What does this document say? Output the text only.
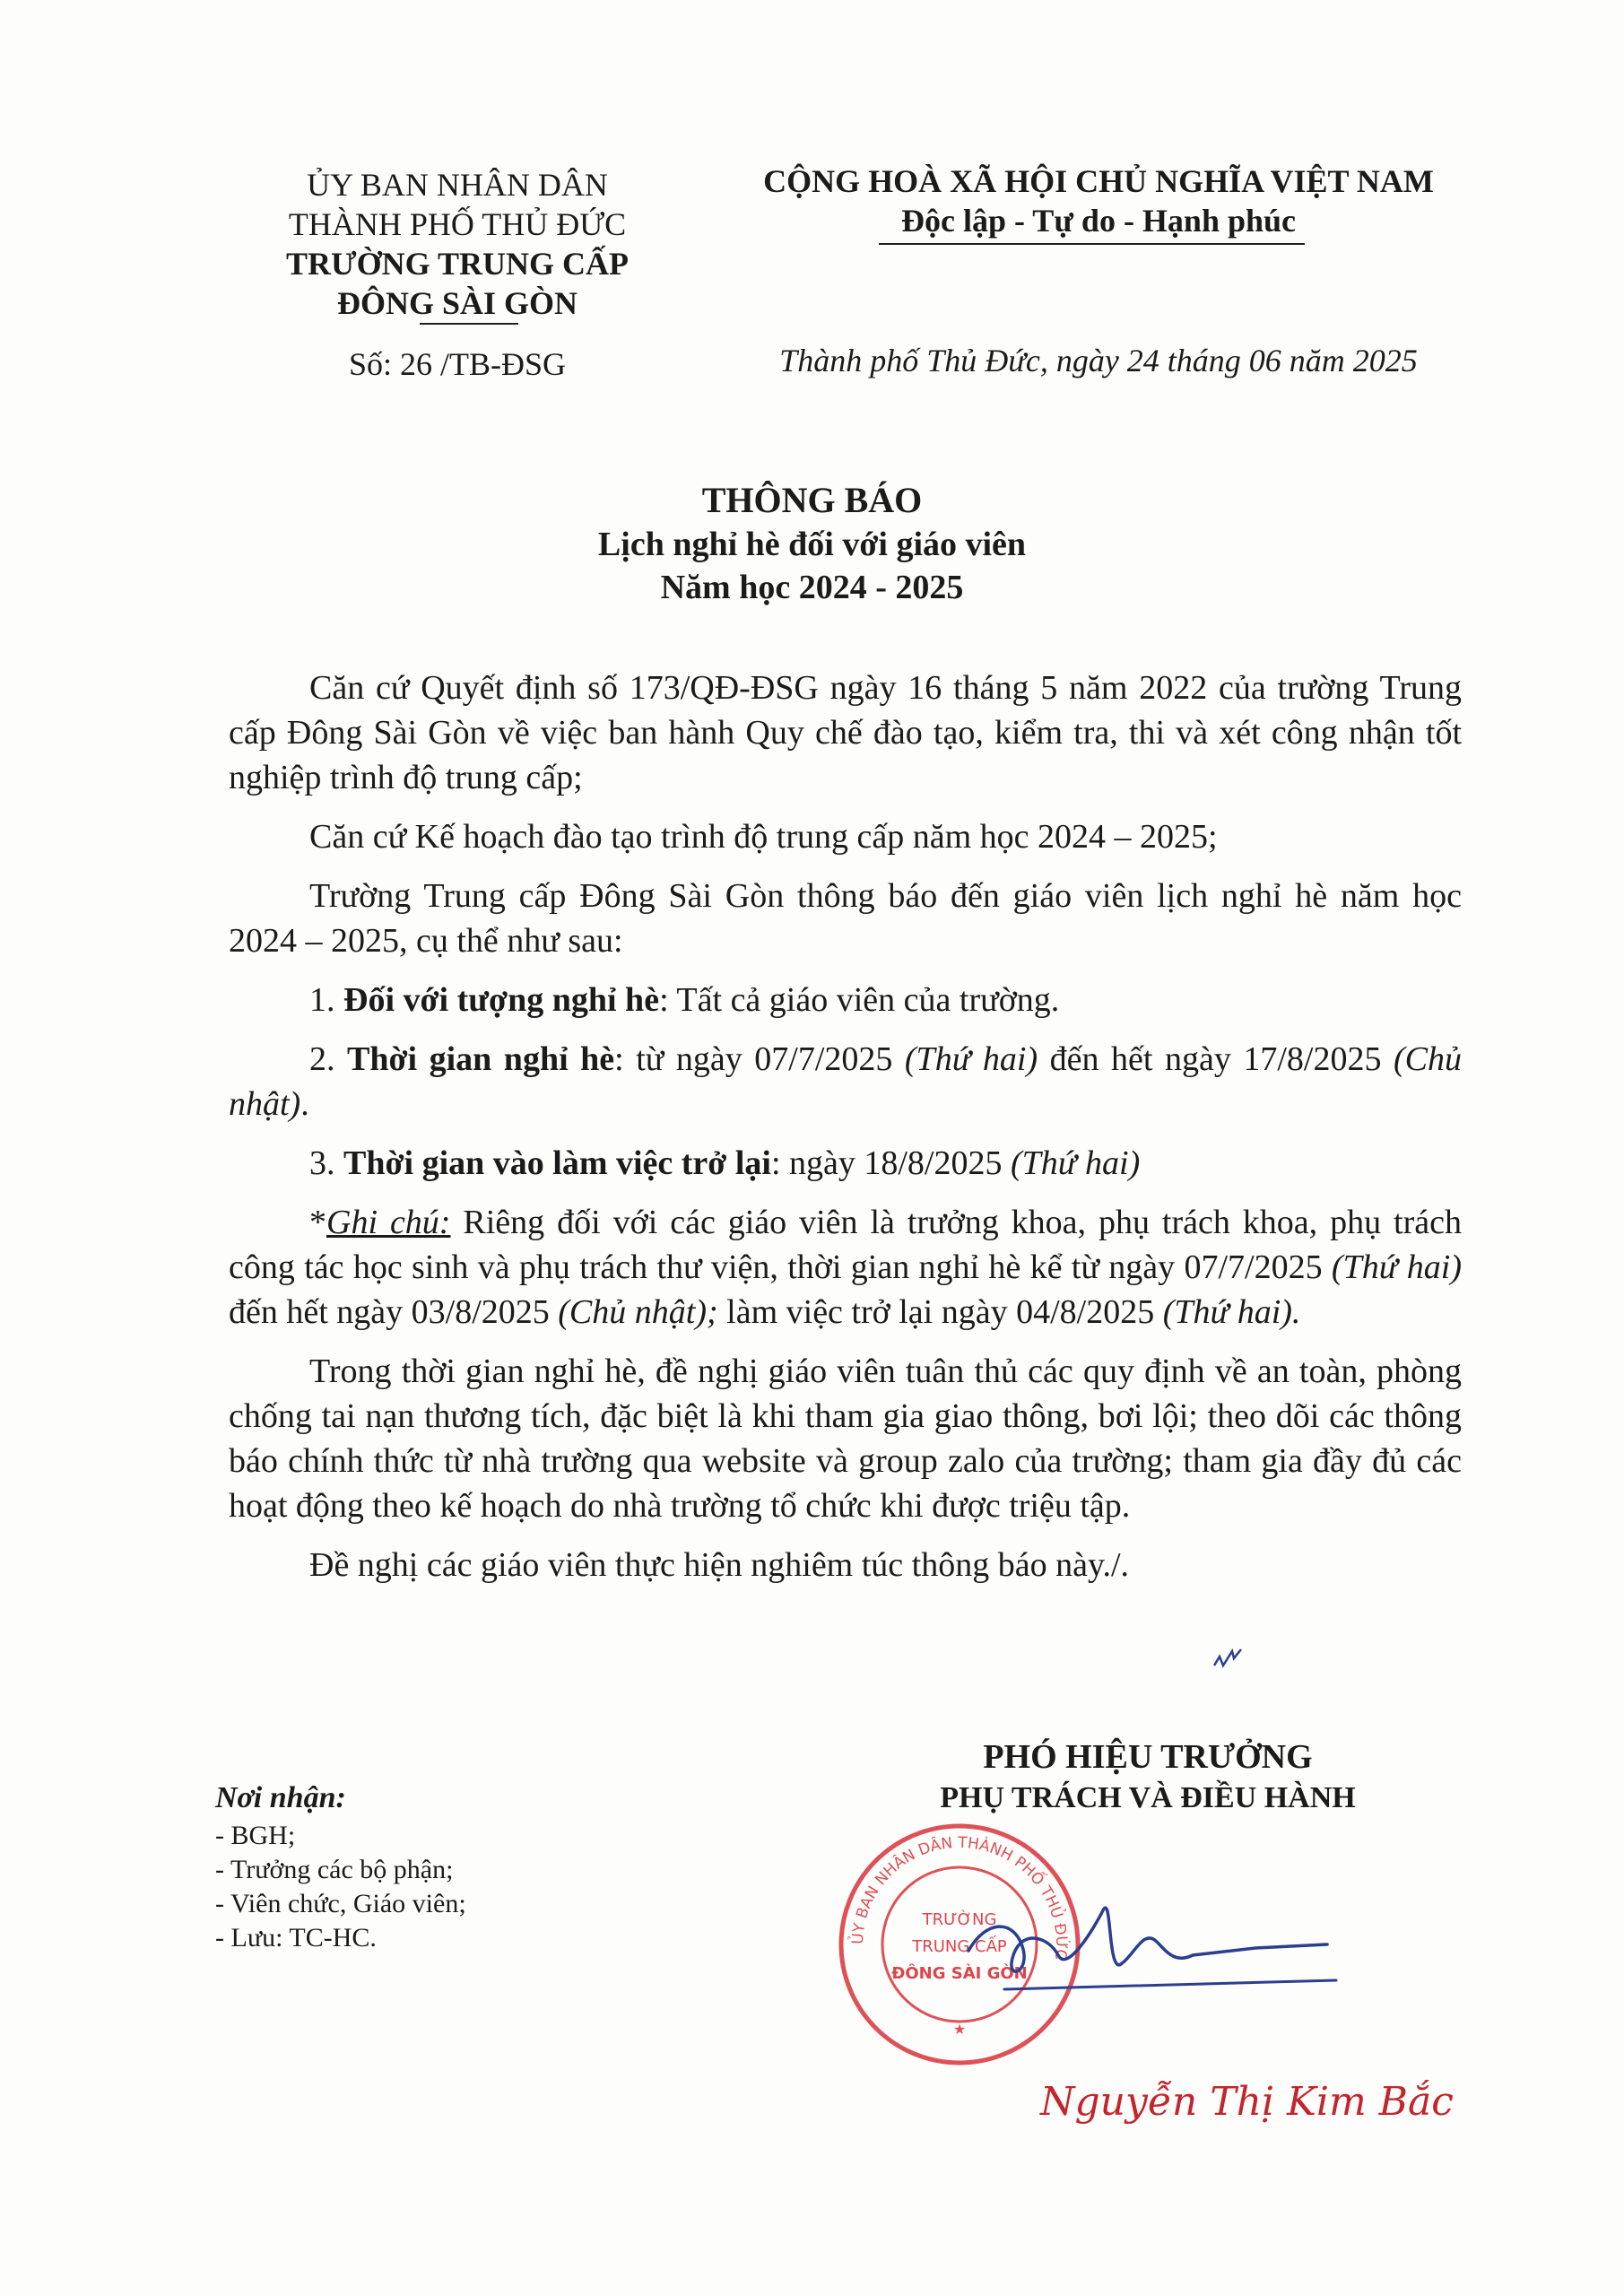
ỦY BAN NHÂN DÂN
THÀNH PHỐ THỦ ĐỨC
TRƯỜNG TRUNG CẤP
ĐÔNG SÀI GÒN
Số: 26 /TB-ĐSG
CỘNG HOÀ XÃ HỘI CHỦ NGHĨA VIỆT NAM
Độc lập - Tự do - Hạnh phúc
Thành phố Thủ Đức, ngày 24 tháng 06 năm 2025
THÔNG BÁO
Lịch nghỉ hè đối với giáo viên
Năm học 2024 - 2025

Căn cứ Quyết định số 173/QĐ-ĐSG ngày 16 tháng 5 năm 2022 của trường Trung cấp Đông Sài Gòn về việc ban hành Quy chế đào tạo, kiểm tra, thi và xét công nhận tốt nghiệp trình độ trung cấp;

Căn cứ Kế hoạch đào tạo trình độ trung cấp năm học 2024 – 2025;

Trường Trung cấp Đông Sài Gòn thông báo đến giáo viên lịch nghỉ hè năm học 2024 – 2025, cụ thể như sau:

1. Đối với tượng nghỉ hè: Tất cả giáo viên của trường.

2. Thời gian nghỉ hè: từ ngày 07/7/2025 (Thứ hai) đến hết ngày 17/8/2025 (Chủ nhật).

3. Thời gian vào làm việc trở lại: ngày 18/8/2025 (Thứ hai)

*Ghi chú: Riêng đối với các giáo viên là trưởng khoa, phụ trách khoa, phụ trách công tác học sinh và phụ trách thư viện, thời gian nghỉ hè kể từ ngày 07/7/2025 (Thứ hai) đến hết ngày 03/8/2025 (Chủ nhật); làm việc trở lại ngày 04/8/2025 (Thứ hai).

Trong thời gian nghỉ hè, đề nghị giáo viên tuân thủ các quy định về an toàn, phòng chống tai nạn thương tích, đặc biệt là khi tham gia giao thông, bơi lội; theo dõi các thông báo chính thức từ nhà trường qua website và group zalo của trường; tham gia đầy đủ các hoạt động theo kế hoạch do nhà trường tổ chức khi được triệu tập.

Đề nghị các giáo viên thực hiện nghiêm túc thông báo này./.

Nơi nhận:
- BGH;
- Trưởng các bộ phận;
- Viên chức, Giáo viên;
- Lưu: TC-HC.
PHÓ HIỆU TRƯỞNG
PHỤ TRÁCH VÀ ĐIỀU HÀNH
ỦY BAN NHÂN DÂN THÀNH PHỐ THỦ ĐỨC
TRƯỜNG
TRUNG CẤP
ĐÔNG SÀI GÒN
★
Nguyễn Thị Kim Bắc
